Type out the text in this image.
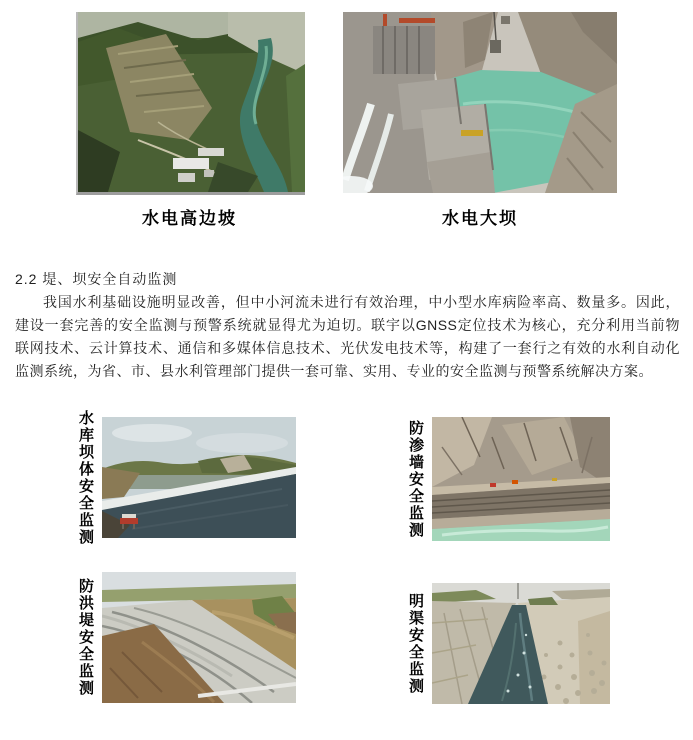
水电高边坡	水电大坝
2.2 堤、坝安全自动监测
我国水利基础设施明显改善，但中小河流未进行有效治理，中小型水库病险率高、数量多。因此，建设一套完善的安全监测与预警系统就显得尤为迫切。联宇以GNSS定位技术为核心，充分利用当前物联网技术、云计算技术、通信和多媒体信息技术、光伏发电技术等，构建了一套行之有效的水利自动化监测系统，为省、市、县水利管理部门提供一套可靠、实用、专业的安全监测与预警系统解决方案。
水库坝体安全监测	防渗墙安全监测
防洪堤安全监测	明渠安全监测
